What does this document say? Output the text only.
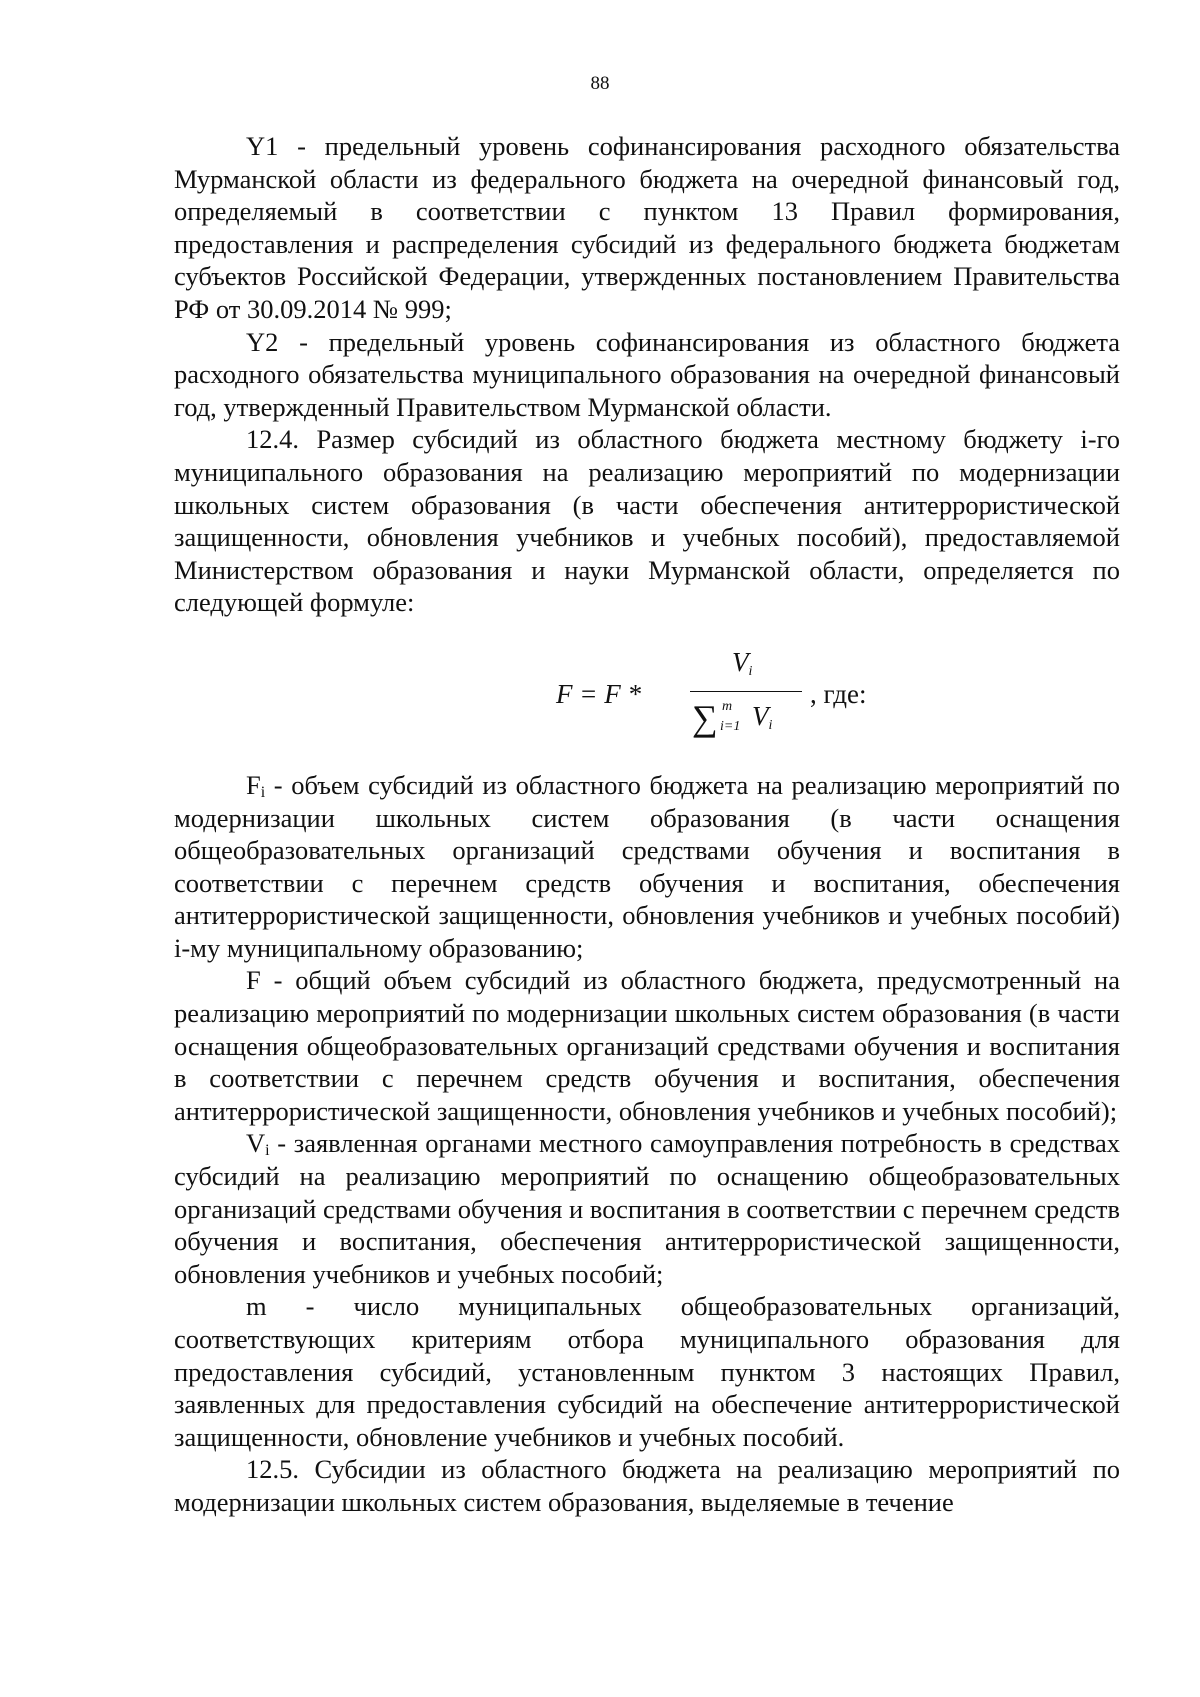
88

Y1 - предельный уровень софинансирования расходного обязательства Мурманской области из федерального бюджета на очередной финансовый год, определяемый в соответствии с пунктом 13 Правил формирования, предоставления и распределения субсидий из федерального бюджета бюджетам субъектов Российской Федерации, утвержденных постановлением Правительства РФ от 30.09.2014 № 999;

Y2 - предельный уровень софинансирования из областного бюджета расходного обязательства муниципального образования на очередной финансовый год, утвержденный Правительством Мурманской области.

12.4. Размер субсидий из областного бюджета местному бюджету i-го муниципального образования на реализацию мероприятий по модернизации школьных систем образования (в части обеспечения антитеррористической защищенности, обновления учебников и учебных пособий), предоставляемой Министерством образования и науки Мурманской области, определяется по следующей формуле:

F = F *
$V_i$
∑ m
i=1 $V_i$
, где:

$F_i$ - объем субсидий из областного бюджета на реализацию мероприятий по модернизации школьных систем образования (в части оснащения общеобразовательных организаций средствами обучения и воспитания в соответствии с перечнем средств обучения и воспитания, обеспечения антитеррористической защищенности, обновления учебников и учебных пособий) i-му муниципальному образованию;

F - общий объем субсидий из областного бюджета, предусмотренный на реализацию мероприятий по модернизации школьных систем образования (в части оснащения общеобразовательных организаций средствами обучения и воспитания в соответствии с перечнем средств обучения и воспитания, обеспечения антитеррористической защищенности, обновления учебников и учебных пособий);

$V_i$ - заявленная органами местного самоуправления потребность в средствах субсидий на реализацию мероприятий по оснащению общеобразовательных организаций средствами обучения и воспитания в соответствии с перечнем средств обучения и воспитания, обеспечения антитеррористической защищенности, обновления учебников и учебных пособий;

m - число муниципальных общеобразовательных организаций, соответствующих критериям отбора муниципального образования для предоставления субсидий, установленным пунктом 3 настоящих Правил, заявленных для предоставления субсидий на обеспечение антитеррористической защищенности, обновление учебников и учебных пособий.

12.5. Субсидии из областного бюджета на реализацию мероприятий по модернизации школьных систем образования, выделяемые в течение
